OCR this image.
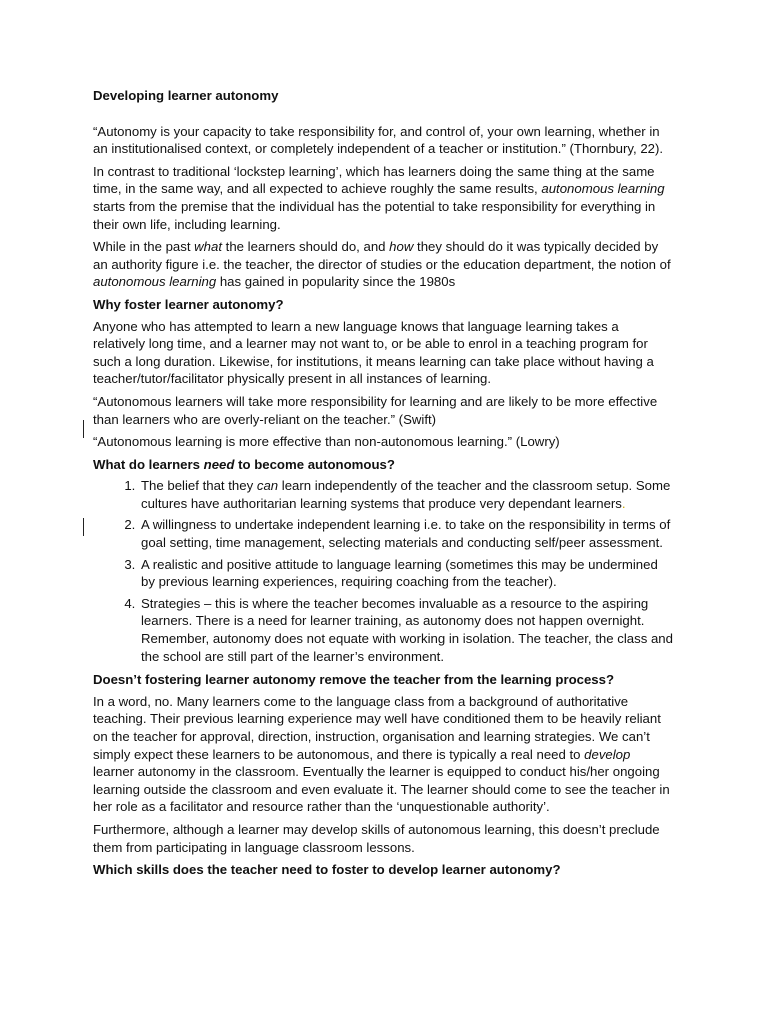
Developing learner autonomy

“Autonomy is your capacity to take responsibility for, and control of, your own learning, whether in an institutionalised context, or completely independent of a teacher or institution.” (Thornbury, 22).

In contrast to traditional ‘lockstep learning’, which has learners doing the same thing at the same time, in the same way, and all expected to achieve roughly the same results, autonomous learning starts from the premise that the individual has the potential to take responsibility for everything in their own life, including learning.

While in the past what the learners should do, and how they should do it was typically decided by an authority figure i.e. the teacher, the director of studies or the education department, the notion of autonomous learning has gained in popularity since the 1980s

Why foster learner autonomy?

Anyone who has attempted to learn a new language knows that language learning takes a relatively long time, and a learner may not want to, or be able to enrol in a teaching program for such a long duration. Likewise, for institutions, it means learning can take place without having a teacher/tutor/facilitator physically present in all instances of learning.

“Autonomous learners will take more responsibility for learning and are likely to be more effective than learners who are overly-reliant on the teacher.” (Swift)

“Autonomous learning is more effective than non-autonomous learning.” (Lowry)

What do learners need to become autonomous?
1. The belief that they can learn independently of the teacher and the classroom setup. Some cultures have authoritarian learning systems that produce very dependant learners.
2. A willingness to undertake independent learning i.e. to take on the responsibility in terms of goal setting, time management, selecting materials and conducting self/peer assessment.
3. A realistic and positive attitude to language learning (sometimes this may be undermined by previous learning experiences, requiring coaching from the teacher).
4. Strategies – this is where the teacher becomes invaluable as a resource to the aspiring learners. There is a need for learner training, as autonomy does not happen overnight. Remember, autonomy does not equate with working in isolation. The teacher, the class and the school are still part of the learner’s environment.
Doesn’t fostering learner autonomy remove the teacher from the learning process?

In a word, no. Many learners come to the language class from a background of authoritative teaching. Their previous learning experience may well have conditioned them to be heavily reliant on the teacher for approval, direction, instruction, organisation and learning strategies. We can’t simply expect these learners to be autonomous, and there is typically a real need to develop learner autonomy in the classroom. Eventually the learner is equipped to conduct his/her ongoing learning outside the classroom and even evaluate it. The learner should come to see the teacher in her role as a facilitator and resource rather than the ‘unquestionable authority’.

Furthermore, although a learner may develop skills of autonomous learning, this doesn’t preclude them from participating in language classroom lessons.

Which skills does the teacher need to foster to develop learner autonomy?
